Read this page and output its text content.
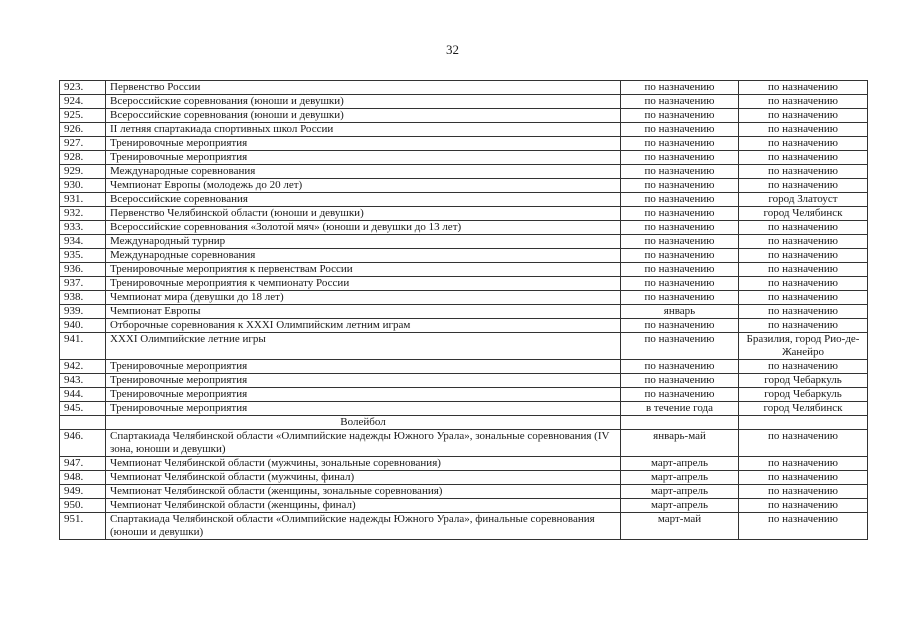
32
923.	Первенство России	по назначению	по назначению
924.	Всероссийские соревнования (юноши и девушки)	по назначению	по назначению
925.	Всероссийские соревнования (юноши и девушки)	по назначению	по назначению
926.	II летняя спартакиада спортивных школ России	по назначению	по назначению
927.	Тренировочные мероприятия	по назначению	по назначению
928.	Тренировочные мероприятия	по назначению	по назначению
929.	Международные соревнования	по назначению	по назначению
930.	Чемпионат Европы (молодежь до 20 лет)	по назначению	по назначению
931.	Всероссийские соревнования	по назначению	город Златоуст
932.	Первенство Челябинской области (юноши и девушки)	по назначению	город Челябинск
933.	Всероссийские соревнования «Золотой мяч» (юноши и девушки до 13 лет)	по назначению	по назначению
934.	Международный турнир	по назначению	по назначению
935.	Международные соревнования	по назначению	по назначению
936.	Тренировочные мероприятия к первенствам России	по назначению	по назначению
937.	Тренировочные мероприятия к чемпионату России	по назначению	по назначению
938.	Чемпионат мира (девушки до 18 лет)	по назначению	по назначению
939.	Чемпионат Европы	январь	по назначению
940.	Отборочные соревнования к XXXI Олимпийским летним играм	по назначению	по назначению
941.	XXXI Олимпийские летние игры	по назначению	Бразилия, город Рио-де-Жанейро
942.	Тренировочные мероприятия	по назначению	по назначению
943.	Тренировочные мероприятия	по назначению	город Чебаркуль
944.	Тренировочные мероприятия	по назначению	город Чебаркуль
945.	Тренировочные мероприятия	в течение года	город Челябинск
	Волейбол		
946.	Спартакиада Челябинской области «Олимпийские надежды Южного Урала», зональные соревнования (IV зона, юноши и девушки)	январь-май	по назначению
947.	Чемпионат Челябинской области (мужчины, зональные соревнования)	март-апрель	по назначению
948.	Чемпионат Челябинской области (мужчины, финал)	март-апрель	по назначению
949.	Чемпионат Челябинской области (женщины, зональные соревнования)	март-апрель	по назначению
950.	Чемпионат Челябинской области (женщины, финал)	март-апрель	по назначению
951.	Спартакиада Челябинской области «Олимпийские надежды Южного Урала», финальные соревнования (юноши и девушки)	март-май	по назначению
